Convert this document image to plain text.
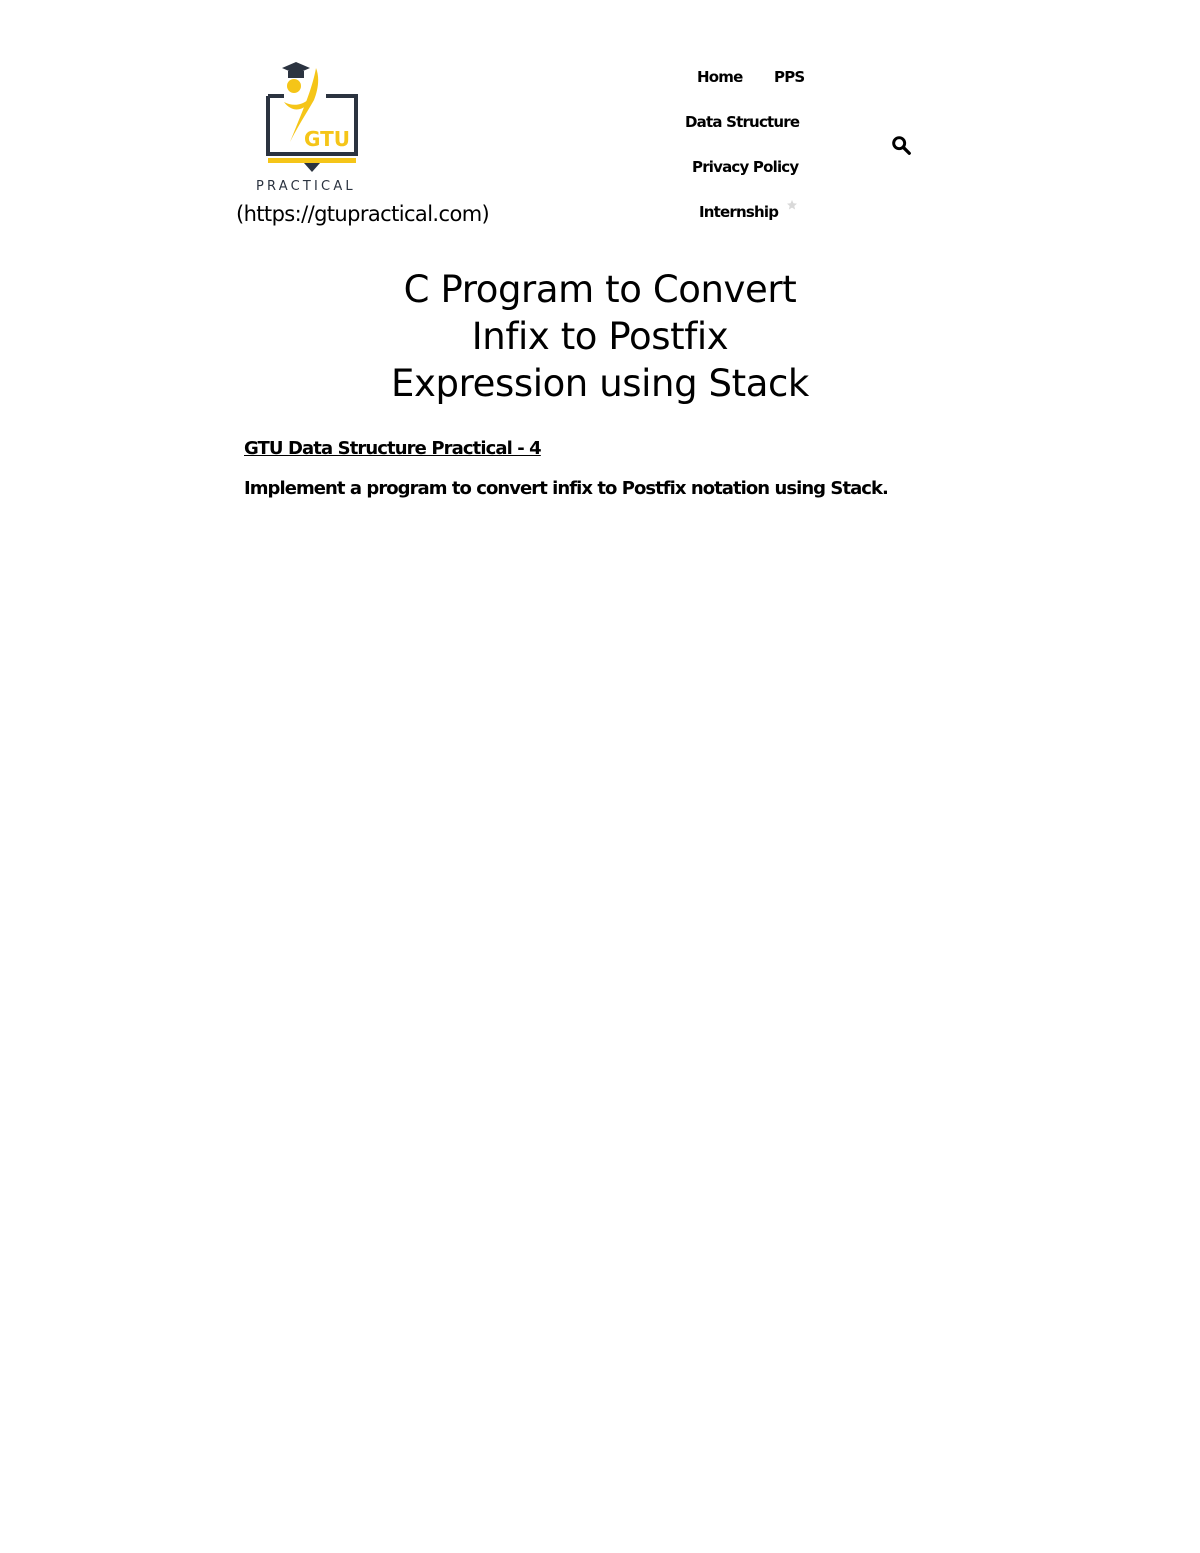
GTU
PRACTICAL
(https://gtupractical.com)
Home PPS
Data Structure
Privacy Policy
Internship
C Program to Convert
Infix to Postfix
Expression using Stack

GTU Data Structure Practical - 4

Implement a program to convert infix to Postfix notation using Stack.
